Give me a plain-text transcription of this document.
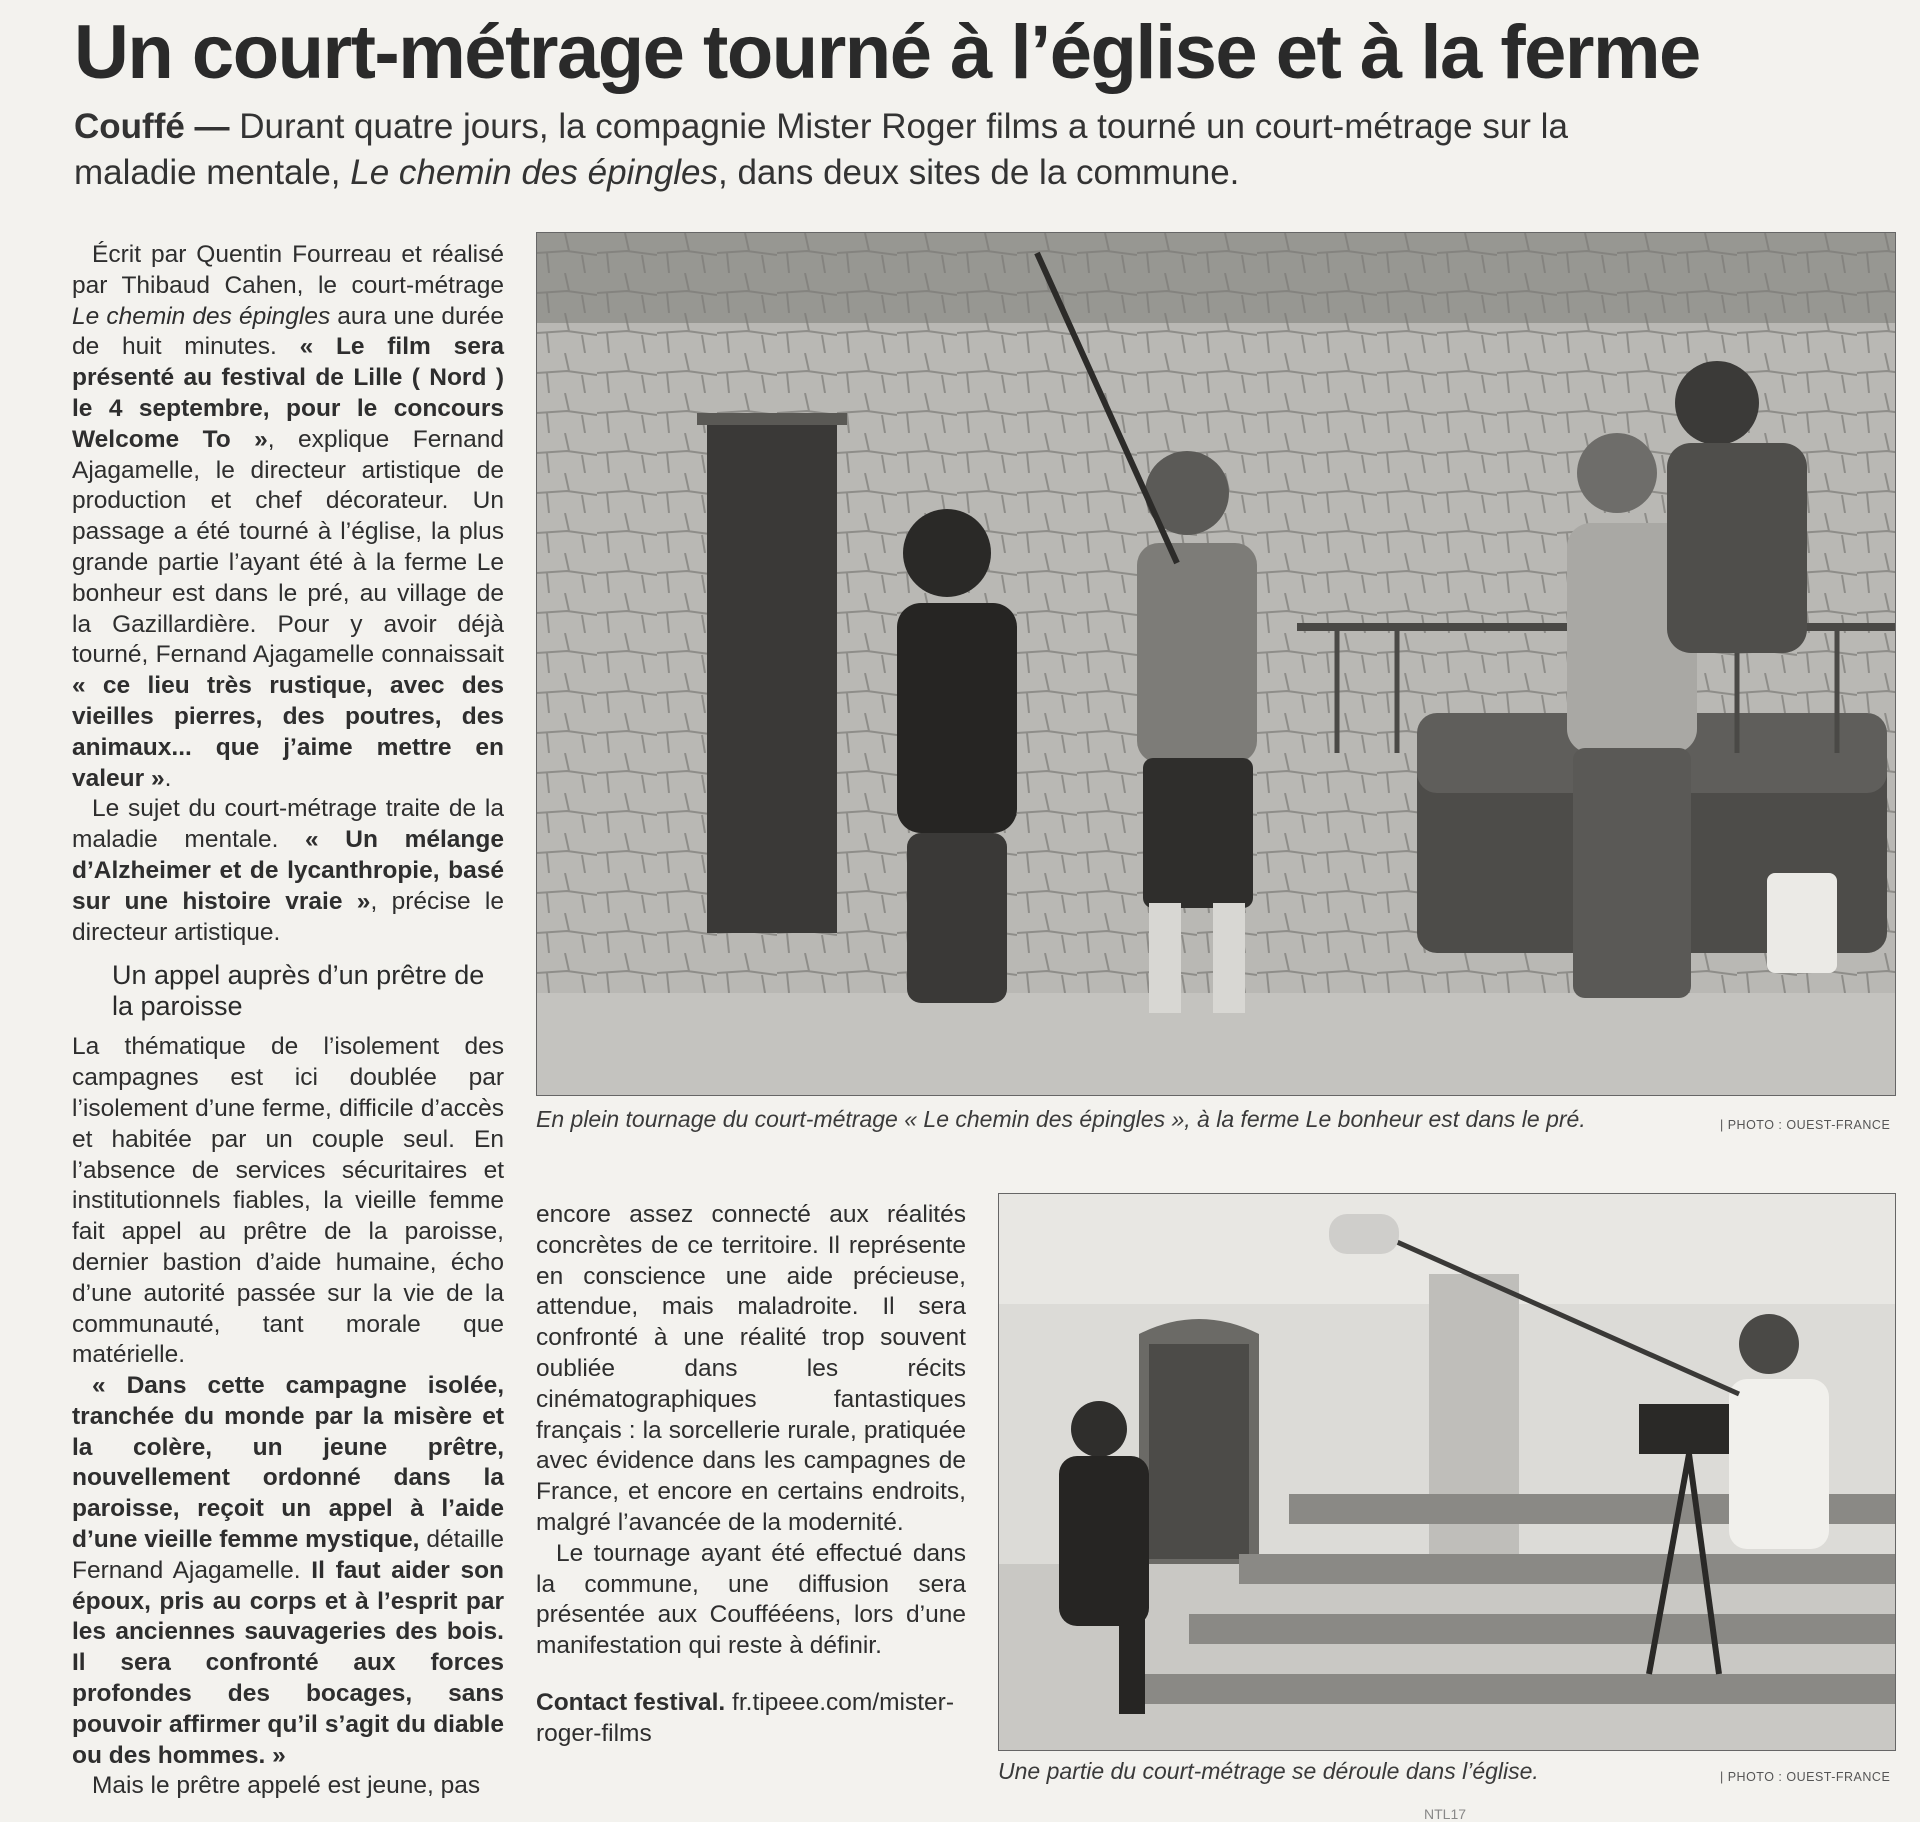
Un court-métrage tourné à l’église et à la ferme
Couffé — Durant quatre jours, la compagnie Mister Roger films a tourné un court-métrage sur la maladie mentale, Le chemin des épingles, dans deux sites de la commune.

Écrit par Quentin Fourreau et réalisé par Thibaud Cahen, le court-métrage Le chemin des épingles aura une durée de huit minutes. « Le film sera présenté au festival de Lille ( Nord ) le 4 septembre, pour le concours Welcome To », explique Fernand Ajagamelle, le directeur artistique de production et chef décorateur. Un passage a été tourné à l’église, la plus grande partie l’ayant été à la ferme Le bonheur est dans le pré, au village de la Gazillardière. Pour y avoir déjà tourné, Fernand Ajagamelle connaissait « ce lieu très rustique, avec des vieilles pierres, des poutres, des animaux... que j’aime mettre en valeur ».

Le sujet du court-métrage traite de la maladie mentale. « Un mélange d’Alzheimer et de lycanthropie, basé sur une histoire vraie », précise le directeur artistique.

Un appel auprès d’un prêtre de la paroisse

La thématique de l’isolement des campagnes est ici doublée par l’isolement d’une ferme, difficile d’accès et habitée par un couple seul. En l’absence de services sécuritaires et institutionnels fiables, la vieille femme fait appel au prêtre de la paroisse, dernier bastion d’aide humaine, écho d’une autorité passée sur la vie de la communauté, tant morale que matérielle.

« Dans cette campagne isolée, tranchée du monde par la misère et la colère, un jeune prêtre, nouvellement ordonné dans la paroisse, reçoit un appel à l’aide d’une vieille femme mystique, détaille Fernand Ajagamelle. Il faut aider son époux, pris au corps et à l’esprit par les anciennes sauvageries des bois. Il sera confronté aux forces profondes des bocages, sans pouvoir affirmer qu’il s’agit du diable ou des hommes. »

Mais le prêtre appelé est jeune, pas

En plein tournage du court-métrage « Le chemin des épingles », à la ferme Le bonheur est dans le pré.	| PHOTO : OUEST-FRANCE

encore assez connecté aux réalités concrètes de ce territoire. Il représente en conscience une aide précieuse, attendue, mais maladroite. Il sera confronté à une réalité trop souvent oubliée dans les récits cinématographiques fantastiques français : la sorcellerie rurale, pratiquée avec évidence dans les campagnes de France, et encore en certains endroits, malgré l’avancée de la modernité.

Le tournage ayant été effectué dans la commune, une diffusion sera présentée aux Couffééens, lors d’une manifestation qui reste à définir.

Contact festival. fr.tipeee.com/mister-roger-films

Une partie du court-métrage se déroule dans l’église.	| PHOTO : OUEST-FRANCE
NTL17
